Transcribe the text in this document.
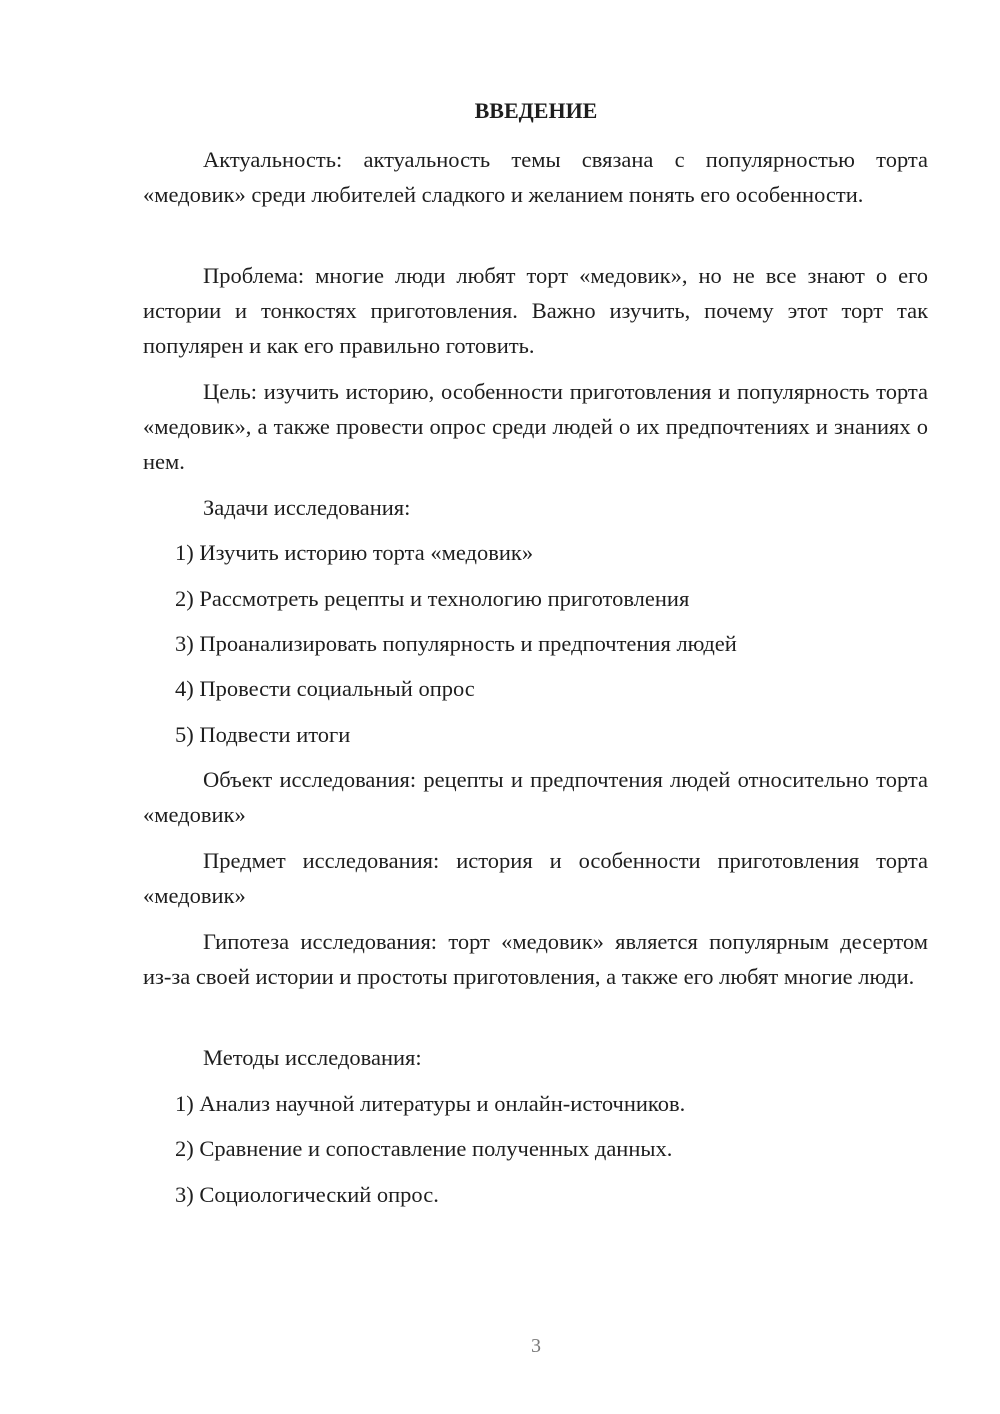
ВВЕДЕНИЕ

Актуальность: актуальность темы связана с популярностью торта «медовик» среди любителей сладкого и желанием понять его особенности.

Проблема: многие люди любят торт «медовик», но не все знают о его истории и тонкостях приготовления. Важно изучить, почему этот торт так популярен и как его правильно готовить.

Цель: изучить историю, особенности приготовления и популярность торта «медовик», а также провести опрос среди людей о их предпочтениях и знаниях о нем.

Задачи исследования:

1) Изучить историю торта «медовик»

2) Рассмотреть рецепты и технологию приготовления

3) Проанализировать популярность и предпочтения людей

4) Провести социальный опрос

5) Подвести итоги

Объект исследования: рецепты и предпочтения людей относительно торта «медовик»

Предмет исследования: история и особенности приготовления торта «медовик»

Гипотеза исследования: торт «медовик» является популярным десертом из-за своей истории и простоты приготовления, а также его любят многие люди.

Методы исследования:

1) Анализ научной литературы и онлайн-источников.

2) Сравнение и сопоставление полученных данных.

3) Социологический опрос.

3
